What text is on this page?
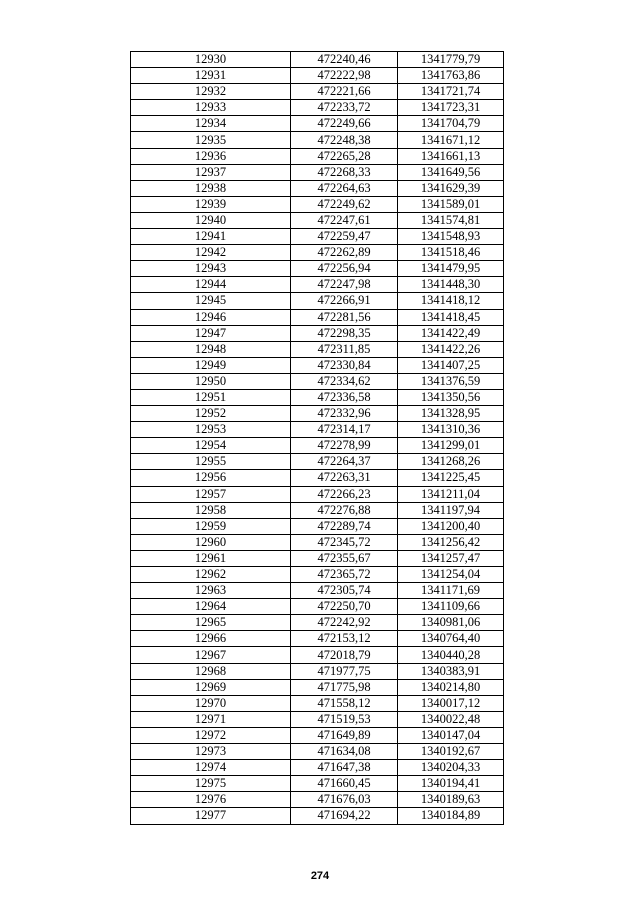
12930	472240,46	1341779,79
12931	472222,98	1341763,86
12932	472221,66	1341721,74
12933	472233,72	1341723,31
12934	472249,66	1341704,79
12935	472248,38	1341671,12
12936	472265,28	1341661,13
12937	472268,33	1341649,56
12938	472264,63	1341629,39
12939	472249,62	1341589,01
12940	472247,61	1341574,81
12941	472259,47	1341548,93
12942	472262,89	1341518,46
12943	472256,94	1341479,95
12944	472247,98	1341448,30
12945	472266,91	1341418,12
12946	472281,56	1341418,45
12947	472298,35	1341422,49
12948	472311,85	1341422,26
12949	472330,84	1341407,25
12950	472334,62	1341376,59
12951	472336,58	1341350,56
12952	472332,96	1341328,95
12953	472314,17	1341310,36
12954	472278,99	1341299,01
12955	472264,37	1341268,26
12956	472263,31	1341225,45
12957	472266,23	1341211,04
12958	472276,88	1341197,94
12959	472289,74	1341200,40
12960	472345,72	1341256,42
12961	472355,67	1341257,47
12962	472365,72	1341254,04
12963	472305,74	1341171,69
12964	472250,70	1341109,66
12965	472242,92	1340981,06
12966	472153,12	1340764,40
12967	472018,79	1340440,28
12968	471977,75	1340383,91
12969	471775,98	1340214,80
12970	471558,12	1340017,12
12971	471519,53	1340022,48
12972	471649,89	1340147,04
12973	471634,08	1340192,67
12974	471647,38	1340204,33
12975	471660,45	1340194,41
12976	471676,03	1340189,63
12977	471694,22	1340184,89
274
